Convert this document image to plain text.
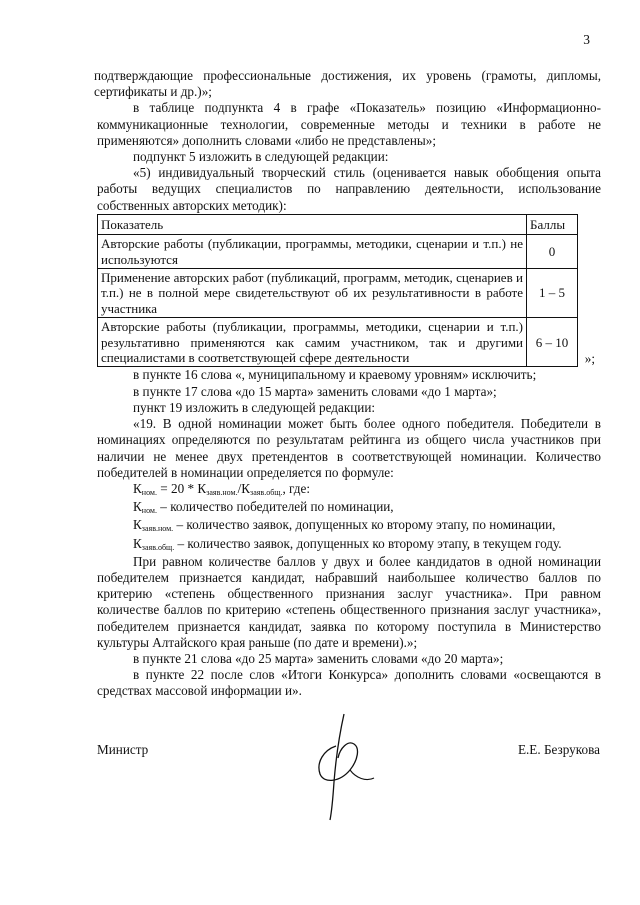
3

подтверждающие профессиональные достижения, их уровень (грамоты, дипломы, сертификаты и др.)»;

в таблице подпункта 4 в графе «Показатель» позицию «Информационно-коммуникационные технологии, современные методы и техники в работе не применяются» дополнить словами «либо не представлены»;

подпункт 5 изложить в следующей редакции:

«5) индивидуальный творческий стиль (оценивается навык обобщения опыта работы ведущих специалистов по направлению деятельности, использование собственных авторских методик):

Показатель	Баллы
Авторские работы (публикации, программы, методики, сценарии и т.п.) не используются	0
Применение авторских работ (публикаций, программ, методик, сценариев и т.п.) не в полной мере свидетельствуют об их результативности в работе участника	1 – 5
Авторские работы (публикации, программы, методики, сценарии и т.п.) результативно применяются как самим участником, так и другими специалистами в соответствующей сфере деятельности	6 – 10
»;

в пункте 16 слова «, муниципальному и краевому уровням» исключить;

в пункте 17 слова «до 15 марта» заменить словами «до 1 марта»;

пункт 19 изложить в следующей редакции:

«19. В одной номинации может быть более одного победителя. Победители в номинациях определяются по результатам рейтинга из общего числа участников при наличии не менее двух претендентов в соответствующей номинации. Количество победителей в номинации определяется по формуле:

$К_{ном.} = 20 * К_{заяв.ном.}/К_{заяв.общ.}$, где:

$К_{ном.}$ – количество победителей по номинации,

$К_{заяв.ном.}$ – количество заявок, допущенных ко второму этапу, по номинации,

$К_{заяв.общ.}$ – количество заявок, допущенных ко второму этапу, в текущем году.

При равном количестве баллов у двух и более кандидатов в одной номинации победителем признается кандидат, набравший наибольшее количество баллов по критерию «степень общественного признания заслуг участника». При равном количестве баллов по критерию «степень общественного признания заслуг участника», победителем признается кандидат, заявка по которому поступила в Министерство культуры Алтайского края раньше (по дате и времени).»;

в пункте 21 слова «до 25 марта» заменить словами «до 20 марта»;

в пункте 22 после слов «Итоги Конкурса» дополнить словами «освещаются в средствах массовой информации и».

Министр	Е.Е. Безрукова
